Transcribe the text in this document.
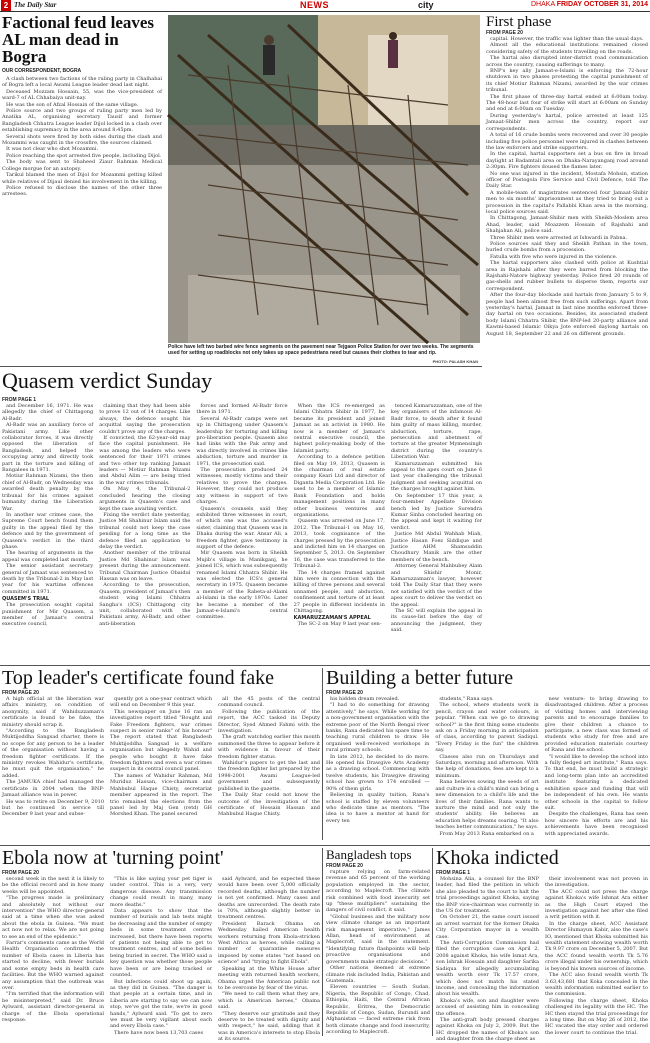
2 The Daily Star	NEWS	city	DHAKA FRIDAY OCTOBER 31, 2014
Factional feud leaves AL man dead in Bogra
OUR CORRESPONDENT, BOGRA

A clash between two factions of the ruling party in Chalhabai of Bogra left a local Awami League leader dead last night.

Deceased Mozzam Hossain, 55, was the vice-president of ward-7 of AL Chhabaiya unit-nay.

He was the son of Afzal Hossain of the same village.

Police source and two groups of ruling party men led by Anatika AL, organising secretary Tausif and former Bangladesh Chhatra League leader Dijol locked in a clash over establishing supremacy in the area around 8:45pm.

Several shots were fired by both sides during the clash and Mozammi was caught in the crossfire, the sources claimed.

It was not clear who shot Mozammi.

Police reaching the spot arrested five people, including Dijol.

The body was sent to Shaheed Ziaur Rahman Medical College morgue for an autopsy.

Tarikul blamed the men of Dijol for Mozammi getting killed while relatives of Dijaul denied his involvement in the killing.

Police refused to disclose the names of the other three arrestees.

Police have left two barbed wire fence segments on the pavement near Tejgaon Police Station for over two weeks. The segments used for setting up roadblocks not only takes up space pedestrians need but causes their clothes to tear and rip.
PHOTO: PALASH KHAN
First phase
FROM PAGE 20

capital. However, the traffic was lighter than the usual days.

Almost all the educational institutions remained closed considering safety of the students travelling on the roads.

The hartal also disrupted inter-district road communication across the country, causing sufferings to many.

BNP's key ally Jamaat-e-Islami is enforcing the 72-hour shutdown in two phases protesting the capital punishment of its chief Motiur Rahman Nizami, awarded by the war crimes tribunal.

The first phase of three-day hartal ended at 6:00am today. The 48-hour last four of strike will start at 6:00am on Sunday and end at 6:00am on Tuesday.

During yesterday's hartal, police arrested at least 125 Jamaat-Shibir men across the country, report our correspondents.

A total of 16 crude bombs were recovered and over 30 people including five police personnel were injured in clashes between the law enforcers and strike supporters.

In the capital, hartal supporters set a bus on fire in broad daylight at Badamtali area on Dhaka-Narayanganj road around 2:30pm. Fire fighters doused the flames later.

No one was injured in the incident, Mostafa Mohsin, station officer of Postogola Fire Service and Civil Defence, told The Daily Star.

A mobile-team of magistrates sentenced four Jamaat-Shibir men to six months' imprisonment as they tried to bring out a procession in the capital's Pallabbi Khan area in the morning, local police sources said.

In Chittagong, Jamaat-Shibir men with Sheikh-Moslem area Ahad, leader, said Moazzem Hossain of Rajshahi and Shahjahan Ali, police said.

Three Shibir men were arrested at Ishwardi in Pabna.

Police sources said they and Sheikh Pathan in the town, hurled crude bombs from a procession.

Fatulla with five who were injured in the violence.

The hartal supporters also clashed with police at Kushtial area in Rajshahi after they were barred from blocking the Rajshahi-Natore highway yesterday. Police fired 20 rounds of gas-shells and rubber bullets to disperse them, reports our correspondent.

After the four-day blockade and hartals from January 5 to 9, people had been almost free from such sufferings. Apart from yesterday's hartal, Jamaat in last nine months enforced three-day hartal on two occasions. Besides, its associated student body Islami Chhatra Shibir, the BNP-led 20-party alliance and Kawmi-based Islamic Oikya Jote enforced daylong hartals on August 18, September 22 and 26 on different grounds.

Quasem verdict Sunday
FROM PAGE 1

and December 16, 1971. He was allegedly the chief of Chittagong Al-Badr.

Al-Badr was an auxiliary force of Pakistani army. Like other collaborator forces, it was directly opposed the liberation of Bangladesh, and helped the occupying army and directly took part in the torture and killing of Bangalees in 1971.

Motiur Rahman Nizami, the then chief of Al-Badr, on Wednesday was awarded death penalty by the tribunal for his crimes against humanity during the Liberation War.

In another war crimes case, the Supreme Court bench found them guilty in the appeal filed by the defence and by the government of Quasem's verdict in the third phase.

The hearing of arguments in the appeal was completed last month.

The senior assistant secretary general of Jamaat was sentenced to death by the Tribunal-2 in May last year for his wartime offences committed in 1971.

QUASEM'S TRIAL

The prosecution sought capital punishment for Mir Quasem, a member of Jamaat's central executive council,

claiming that they had been able to prove 12 out of 14 charges. Like always, the defence sought his acquittal saying the prosecution couldn't prove any of the charges.

If convicted, the 62-year-old may face the capital punishment. He was among the leaders who were sentenced for their 1971 crimes and two other top ranking Jamaat leaders — Motiur Rahman Nizami and Abdul Alim — are being tried in the war crimes tribunals.

On May 4, the Tribunal-2 concluded hearing the closing arguments in Quasem's case and kept the case awaiting verdict.

Fixing the verdict date yesterday, Justice Md Shahinur Islam said the tribunal could not keep the case pending for a long time as the defence filed an application to delay the verdict.

Another member of the tribunal Justice Md Shahinur Islam was present during the announcement. Tribunal Chairman Justice Obaidul Hassan was on leave.

According to the prosecution, Quasem, president of Jamaat's then student wing Islami Chhatra Sangha's (ICS) Chittagong city unit, collaborated with the Pakistani army, Al-Badr, and other anti-liberation

forces and formed Al-Badr force there in 1971.

Several Al-Badr camps were set up in Chittagong under Quasem's leadership for torturing and killing pro-liberation people. Quasem also had links with the Pak army and was directly involved in crimes like abduction, torture and murder in 1971, the prosecution said.

The prosecution produced 24 witnesses, mostly victims and their relatives to prove the charges. However, they could not produce any witness in support of two charges.

Quasem's counsels said they exhibited three witnesses in court, of which one was the accused's sister, claiming that Quasem was in Dhaka during the war. Ansar Ali, a freedom fighter, gave testimony in support of the defence.

Mir Quasem was born in Sheikh Mujib's village in Manikganj, he joined ICS, which was subsequently renamed Islami Chhatra Shibir. He was elected the ICS's general secretary in 1975. Quasem became a member of the Rabeta-al-Alami al-Islami in the early 1970s. Later he became a member of the Jamaat-e-Islami's central committee.

When the ICS re-emerged as Islami Chhatra Shibir in 1977, he became its president and joined Jamaat as an activist in 1980. He now is a member of Jamaat's central executive council, the highest policy-making body of the Islamist party.

According to a defence petition filed on May 19, 2013, Quasem is the chairman of real estate company Keari Ltd and director of Diganta Media Corporation Ltd. He used to be a member of Islamic Bank Foundation and holds management positions in many other business ventures and organisations.

Quasem was arrested on June 17, 2012. The Tribunal-1 on May 16, 2013, took cognisance of the charges pressed by the prosecution and indicted him on 14 charges on September 5, 2013. On September 16, the case was transferred to the Tribunal-2.

The 14 charges framed against him were in connection with the killing of three persons and several unnamed people, and abduction, confinement and torture of at least 27 people in different incidents in Chittagong.

KAMARUZZAMAN'S APPEAL

The SC-2 on May 9 last year sen-

tenced Kamaruzzaman, one of the key organisers of the infamous Al-Badr force, to death after it found him guilty of mass killing, murder, abduction, torture, rape, persecution and abetment of torture at the greater Mymensingh district during the country's Liberation War.

Kamaruzzaman submitted his appeal to the apex court on June 6 last year challenging the tribunal judgment and seeking acquittal on the charges brought against him.

On September 17 this year, a four-member Appellate Division bench led by Justice Surendra Kumar Sinha concluded hearing on the appeal and kept it waiting for verdict.

Justice Md Abdul Wahhab Miah, Justice Hasan Foez Siddique and Justice AHM Shamsuddin Choudhury Manik are the other members of the bench.

Attorney General Mahbubey Alam and Shishir Monir, Kamaruzzaman's lawyer, however told The Daily Star that they were not satisfied with the verdict of the apex court to deliver the verdict on the appeal.

The SC will explain the appeal in its cause-list before the day of announcing the judgment, they said.

Top leader's certificate found fake
FROM PAGE 20

A high official at the liberation war affairs ministry, on condition of anonymity, said if Wahiduzzaman's certificate is found to be fake, the ministry should scrap it.

"According to the Bangladesh Muktijoddha Sangsad charter, there is no scope for any person to be a leader of the organisation without having a freedom fighter certificate. If the ministry revokes Wahidur's certificate, he must quit the organisation," he added.

The JAMUKA chief had managed the certificate in 2004 when the BNP-Jamaat alliance was in power.

He was to retire on December 9, 2010 but he continued in service till December 9 last year and subse-

quently got a one-year contract which will end on December 9 this year.

This newspaper on June 16 ran an investigative report titled "Bought and Fake Freedom fighters, war crimes suspect in senior ranks" of his honour" The report stated that Bangladesh Muktijoddha Sangsad is a welfare organisation but allegedly Wahid and people who bought it have fake freedom fighters and even a war crimes suspect in its central council panel.

The names of Wahidur Rahman, Md Muriduz Hassan, vice-chairman and Mahbubul Haque Chisty, secretariat member appeared in the report. The trio remained the elections from the panel led by Maj Gen (retd) GH Morshed Khan. The panel secured

all the 45 posts of the central command council.

Following the publication of the report, the ACC tasked its Deputy Director, Syed Ahmed Fahmi with the investigation.

The graft watchdog earlier this month summoned the three to appear before it with evidence in favour of their freedom fighter status.

Wahidur's papers to get the last and the freedom fighter list prepared by the 1998-2001 Awami League-led government and subsequently published in the gazette.

The Daily Star could not know the outcome of the investigation of the certificate of Hossain Hassan and Mahbubul Haque Chisty.

Building a better future
FROM PAGE 20

his hidden dream revealed.

"I had to do something for drawing attentively," he says. While working for a non-government organisation with the extreme poor of the North Bengal river banks, Rana dedicated his spare time to teaching rural children to draw. He organised well-received workshops in rural primary schools.

In late 2012, he decided to do more. He opened his Drawgive Arts Academy as a drawing school. Commencing with twelve students, his Drawgive drawing school has grown to 174 enrolled — 90% of them girls.

Believing in quality tuition, Rana's school is staffed by eleven volunteers who dedicate time as mentors. "The idea is to have a mentor at hand for every ten

students," Rana says.

The school, where students work in pencil, crayon and water colours, is popular. "When can we go to drawing school?" is the first thing some students ask on a Friday morning in anticipation of class, according to parent Sadiqul. "Every Friday is the fun" the children say.

Classes also run on Thursdays and Saturdays, morning and afternoon. With the help of donations, fees are kept to a minimum.

Rana believes sowing the seeds of art and culture in a child's mind can bring a new dimension to a child's life and the lives of their families. Rana wants to nurture the mind and not only the students' ability. He believes an education helps dreams soaring. "It also teaches better communication," he says.

From May 2013 Rana embarked on a

new venture: to bring drawing to disadvantaged children. After a process of visiting homes and interviewing parents and to encourage families to give their children a chance to participate, a new class was formed of students who study for free and are provided education materials courtesy of Rana and the school.

"I would like to develop the school into a fully fledged art institute," Rana says. To that end, he must build a strategic and long-term plan into an accredited institute featuring a dedicated exhibition space and funding that will be independent of his own. He wants other schools in the capital to follow suit.

Despite the challenges, Rana has seen how sincere his efforts are and his achievements have been recognised with appreciated awards.

Ebola now at 'turning point'
FROM PAGE 20

second week in the next it is likely to be the official record and in how many weeks will be appointed.

"The progress made is preliminary and absolutely not without our intervention" the WHO director-general said at a time when she was asked about the ebola in Guinea. "We must act now not to relax. We are not going to see an end of the epidemic."

Farrar's comments came as the World Health Organisation confirmed the number of Ebola cases in Liberia has started to decline, with fewer burials and some empty beds in health care facilities. But the WHO warned against any assumption that the outbreak was over.

"I'm terrified that the information will be misinterpreted," said Dr. Bruce Aylward, assistant director-general in charge of the Ebola operational response.

"This is like saying your pet tiger is under control. This is a very, very dangerous disease. Any transmission change could result in many, many more deaths."

Data appears to show that the number of burials and lab tests might be decreasing and the number of empty beds in some treatment centres increased, but there have been reports of patients not being able to get to treatment centres, and of some bodies being buried in secret. The WHO said a key question was whether those people have been or are being tracked or counted.

But infections could shoot up again, as they did in Guinea. "The danger is that people at a certain time, and in Liberia are starting to say we can now stop, we've got the rate, we're in good hands," Aylward said. "To get to zero we must be very vigilant about each and every Ebola case."

There have now been 13,703 cases

said Aylward, and he expected these would have been over 5,000 officially recorded deaths, although the number is not yet confirmed. Many cases and deaths are unrecorded. The death rate is 70%, although slightly better in treatment centres.

President Barack Obama on Wednesday hailed American health workers returning from Ebola-stricken West Africa as heroes, while calling a number of quarantine measures imposed by some states "not based on science" and "trying to fight Ebola".

Speaking at the White House after meeting with returned health workers, Obama urged the American public not to be overcome by fear of the virus.

"We need to call them what they are, which is American heroes," Obama said.

"They deserve our gratitude and they deserve to be treated with dignity and with respect," he said, adding that it was in America's interests to stop Ebola at its source.

Bangladesh tops
FROM PAGE 20

rupture relying on farm-related revenue and 65 percent of the working population employed in the sector, according to Maplecroft. The climate risk combined with food insecurity set up "these multipliers" sustaining the dangers of civil conflict, it said.

"Global business and the military now view climate change as an important risk management imperative," James Allan, head of environment at Maplecroft, said in the statement. "Identifying future flashpoints will help proactive organisations and governments make strategic decisions."

Other nations deemed at extreme climate risk included India, Pakistan and Guatemala.

Eleven countries — South Sudan, Nigeria, the Republic of Congo, Chad, Ethiopia, Haiti, the Central African Republic, Eritrea, the Democratic Republic of Congo, Sudan, Burundi and Afghanistan — faced extreme risk from both climate change and food insecurity, according to Maplecroft.

Khoka indicted
FROM PAGE 1

Mohsina Alia, a counsel for the BNP leader, had filed the petition in which she also pleaded to the court to halt the trial proceedings against Khoka, saying the BNP vice-chairman was currently in the US for treatment.

On October 21, the same court issued an arrest warrant for the former Dhaka City Corporation mayor in a wealth case.

The Anti-Corruption Commission had filed the corruption case on April 2, 2008 against Khoka, his wife Ismat Ara, son Ishrak Hossain and daughter Sarika Sadiqua for allegedly accumulating wealth worth over Tk 17.57 crore, which does not match his stated income, and concealing the information about his wealth.

Khoka's wife, son and daughter were accused of assisting him in concealing the offence.

The anti-graft body pressed charges against Khoka on July 2, 2009. But the HC dropped the names of Khoka's son and daughter from the charge sheet as

their involvement was not proven in the investigation.

The ACC could not press the charge against Khoka's wife Ishmat Ara either as the High Court stayed the investigation against her after she filed a writ petition with it.

In the charge sheet, ACC Assistant Director Humayun Kabir, also the case's IO, mentioned that Khoka submitted his wealth statement showing wealth worth Tk 9.97 crore on December 5, 2007. But the ACC found wealth worth Tk 5.76 crore illegal under his ownership, which is beyond his known sources of income.

The ACC also found wealth worth Tk 3.63,43,681 that Koka concealed in the wealth information submitted earlier to the commission.

Following the charge sheet, Khoka challenged its legality with the HC. The HC then stayed the trial proceedings for a long time. But on May 26 of 2012, the HC vacated the stay order and ordered the lower court to continue the trial.
